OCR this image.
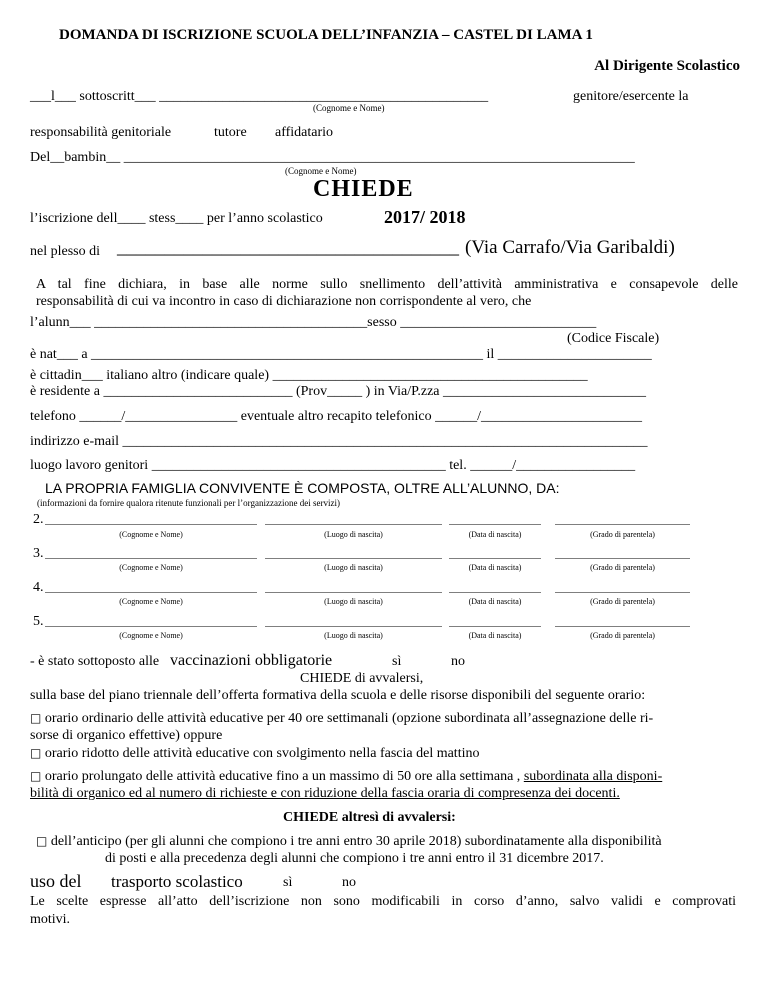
DOMANDA DI ISCRIZIONE SCUOLA DELL’INFANZIA – CASTEL DI LAMA 1
Al Dirigente Scolastico
___l___ sottoscritt___ _______________________________________________	genitore/esercente la
(Cognome e Nome)
responsabilità genitoriale	tutore affidatario
Del__bambin__ _________________________________________________________________________
(Cognome e Nome)
CHIEDE
l’iscrizione dell____ stess____ per l’anno scolastico	2017/ 2018
nel plesso di ____________________________________ (Via Carrafo/Via Garibaldi)
A tal fine dichiara, in base alle norme sullo snellimento dell’attività amministrativa e consapevole delle
responsabilità di cui va incontro in caso di dichiarazione non corrispondente al vero, che
l’alunn___ _______________________________________sesso ____________________________
(Codice Fiscale)
è nat___ a ________________________________________________________ il ______________________
è cittadin___ italiano altro (indicare quale) _____________________________________________
è residente a ___________________________ (Prov_____ ) in Via/P.zza _____________________________
telefono ______/________________ eventuale altro recapito telefonico ______/_______________________
indirizzo e-mail ___________________________________________________________________________
luogo lavoro genitori __________________________________________ tel. ______/_________________
LA PROPRIA FAMIGLIA CONVIVENTE È COMPOSTA, OLTRE ALL’ALUNNO, DA:
(informazioni da fornire qualora ritenute funzionali per l’organizzazione dei servizi)
2.
(Cognome e Nome)	(Luogo di nascita)	(Data di nascita)	(Grado di parentela)
3.
(Cognome e Nome)	(Luogo di nascita)	(Data di nascita)	(Grado di parentela)
4.
(Cognome e Nome)	(Luogo di nascita)	(Data di nascita)	(Grado di parentela)
5.
(Cognome e Nome)	(Luogo di nascita)	(Data di nascita)	(Grado di parentela)
- è stato sottoposto alle vaccinazioni obbligatorie	sì	no
CHIEDE di avvalersi,
sulla base del piano triennale dell’offerta formativa della scuola e delle risorse disponibili del seguente orario:
□ orario ordinario delle attività educative per 40 ore settimanali (opzione subordinata all’assegnazione delle ri-
sorse di organico effettive) oppure
□ orario ridotto delle attività educative con svolgimento nella fascia del mattino
□ orario prolungato delle attività educative fino a un massimo di 50 ore alla settimana , subordinata alla disponi-
bilità di organico ed al numero di richieste e con riduzione della fascia oraria di compresenza dei docenti.
CHIEDE altresì di avvalersi:
□ dell’anticipo (per gli alunni che compiono i tre anni entro 30 aprile 2018) subordinatamente alla disponibilità
di posti e alla precedenza degli alunni che compiono i tre anni entro il 31 dicembre 2017.
uso del trasporto scolastico	sì	no
Le scelte espresse all’atto dell’iscrizione non sono modificabili in corso d’anno, salvo validi e comprovati
motivi.
